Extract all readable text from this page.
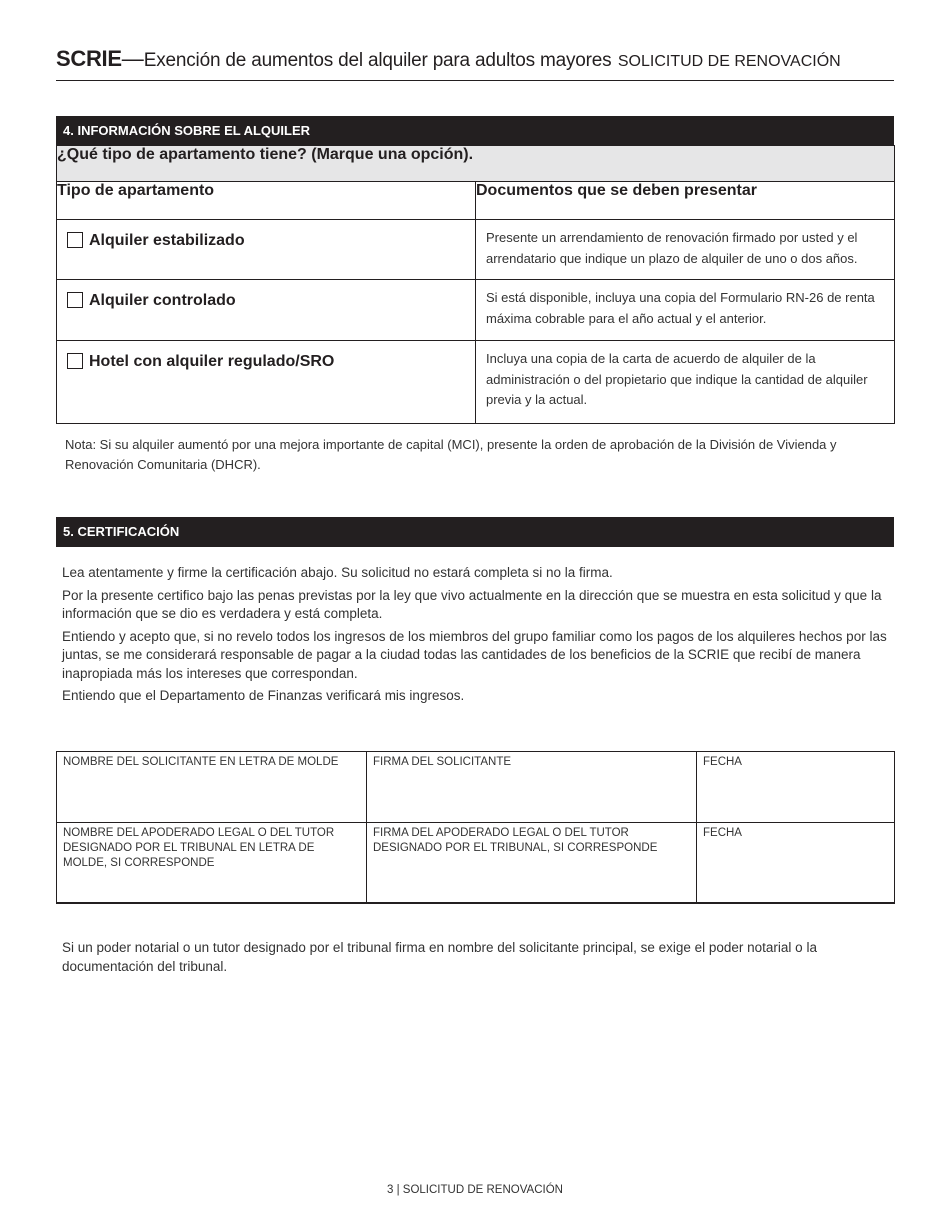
SCRIE—Exención de aumentos del alquiler para adultos mayores SOLICITUD DE RENOVACIÓN
4. INFORMACIÓN SOBRE EL ALQUILER
¿Qué tipo de apartamento tiene? (Marque una opción).	
Tipo de apartamento	Documentos que se deben presentar
Alquiler estabilizado	Presente un arrendamiento de renovación firmado por usted y el arrendatario que indique un plazo de alquiler de uno o dos años.
Alquiler controlado	Si está disponible, incluya una copia del Formulario RN-26 de renta máxima cobrable para el año actual y el anterior.
Hotel con alquiler regulado/SRO	Incluya una copia de la carta de acuerdo de alquiler de la administración o del propietario que indique la cantidad de alquiler previa y la actual.
Nota: Si su alquiler aumentó por una mejora importante de capital (MCI), presente la orden de aprobación de la División de Vivienda y Renovación Comunitaria (DHCR).
5. CERTIFICACIÓN

Lea atentamente y firme la certificación abajo. Su solicitud no estará completa si no la firma.

Por la presente certifico bajo las penas previstas por la ley que vivo actualmente en la dirección que se muestra en esta solicitud y que la información que se dio es verdadera y está completa.

Entiendo y acepto que, si no revelo todos los ingresos de los miembros del grupo familiar como los pagos de los alquileres hechos por las juntas, se me considerará responsable de pagar a la ciudad todas las cantidades de los beneficios de la SCRIE que recibí de manera inapropiada más los intereses que correspondan.

Entiendo que el Departamento de Finanzas verificará mis ingresos.

NOMBRE DEL SOLICITANTE EN LETRA DE MOLDE	FIRMA DEL SOLICITANTE	FECHA
NOMBRE DEL APODERADO LEGAL O DEL TUTOR DESIGNADO POR EL TRIBUNAL EN LETRA DE MOLDE, SI CORRESPONDE	FIRMA DEL APODERADO LEGAL O DEL TUTOR DESIGNADO POR EL TRIBUNAL, SI CORRESPONDE	FECHA
Si un poder notarial o un tutor designado por el tribunal firma en nombre del solicitante principal, se exige el poder notarial o la documentación del tribunal.
3 | SOLICITUD DE RENOVACIÓN
